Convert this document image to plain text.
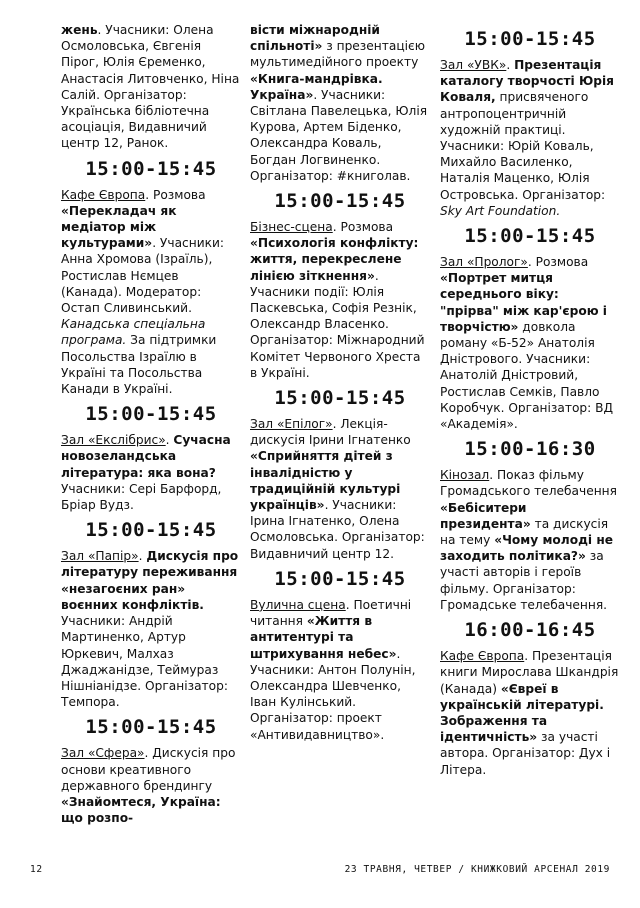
жень. Учасники: Олена Осмоловська, Євгенія Пірог, Юлія Єременко, Анастасія Литовченко, Ніна Салій. Організатор: Українська бібліотечна асоціація, Видавничий центр 12, Ранок.

15:00-15:45

Кафе Європа. Розмова «Перекладач як медіатор між культурами». Учасники: Анна Хромова (Ізраїль), Ростислав Нємцев (Канада). Модератор: Остап Сливинський. Канадська спеціальна програма. За підтримки Посольства Ізраїлю в Україні та Посольства Канади в Україні.

15:00-15:45

Зал «Екслібрис». Сучасна новозеландська література: яка вона? Учасники: Серi Барфорд, Бріар Вудз.

15:00-15:45

Зал «Папір». Дискусія про літературу переживання «незагоєних ран» воєнних конфліктів. Учасники: Андрій Мартиненко, Артур Юркевич, Малхаз Джаджанідзе, Теймураз Нішніанідзе. Організатор: Темпора.

15:00-15:45

Зал «Сфера». Дискусія про основи креативного державного брендингу «Знайомтеся, Україна: що розпо-

вісти міжнародній спільноті» з презентацією мультимедійного проекту «Книга-мандрівка. Україна». Учасники: Світлана Павелецька, Юлія Курова, Артем Біденко, Олександра Коваль, Богдан Логвиненко. Організатор: #книголав.

15:00-15:45

Бізнес-сцена. Розмова «Психологія конфлікту: життя, перекреслене лінією зіткнення». Учасники події: Юлія Паскевська, Софія Резнік, Олександр Власенко. Організатор: Міжнародний Комітет Червоного Хреста в Україні.

15:00-15:45

Зал «Епілог». Лекція-дискусія Ірини Ігнатенко «Сприйняття дітей з інвалідністю у традиційній культурі українців». Учасники: Ірина Ігнатенко, Олена Осмоловська. Організатор: Видавничий центр 12.

15:00-15:45

Вулична сцена. Поетичні читання «Життя в антитентурі та штрихування небес». Учасники: Антон Полунін, Олександра Шевченко, Іван Кулінський. Організатор: проект «Антивидавництво».

15:00-15:45

Зал «УВК». Презентація каталогу творчості Юрія Коваля, присвяченого антропоцентричній художній практиці. Учасники: Юрій Коваль, Михайло Василенко, Наталія Маценко, Юлія Островська. Організатор: Sky Art Foundation.

15:00-15:45

Зал «Пролог». Розмова «Портрет митця середнього віку: "прірва" між кар'єрою і творчістю» довкола роману «Б-52» Анатолія Дністрового. Учасники: Анатолій Дністровий, Ростислав Семків, Павло Коробчук. Організатор: ВД «Академія».

15:00-16:30

Кінозал. Показ фільму Громадського телебачення «Бебіситери президента» та дискусія на тему «Чому молоді не заходить політика?» за участі авторів і героїв фільму. Організатор: Громадське телебачення.

16:00-16:45

Кафе Європа. Презентація книги Мирослава Шкандрія (Канада) «Євреї в українській літературі. Зображення та ідентичність» за участі автора. Організатор: Дух і Літера.

12	23 ТРАВНЯ, ЧЕТВЕР / КНИЖКОВИЙ АРСЕНАЛ 2019
